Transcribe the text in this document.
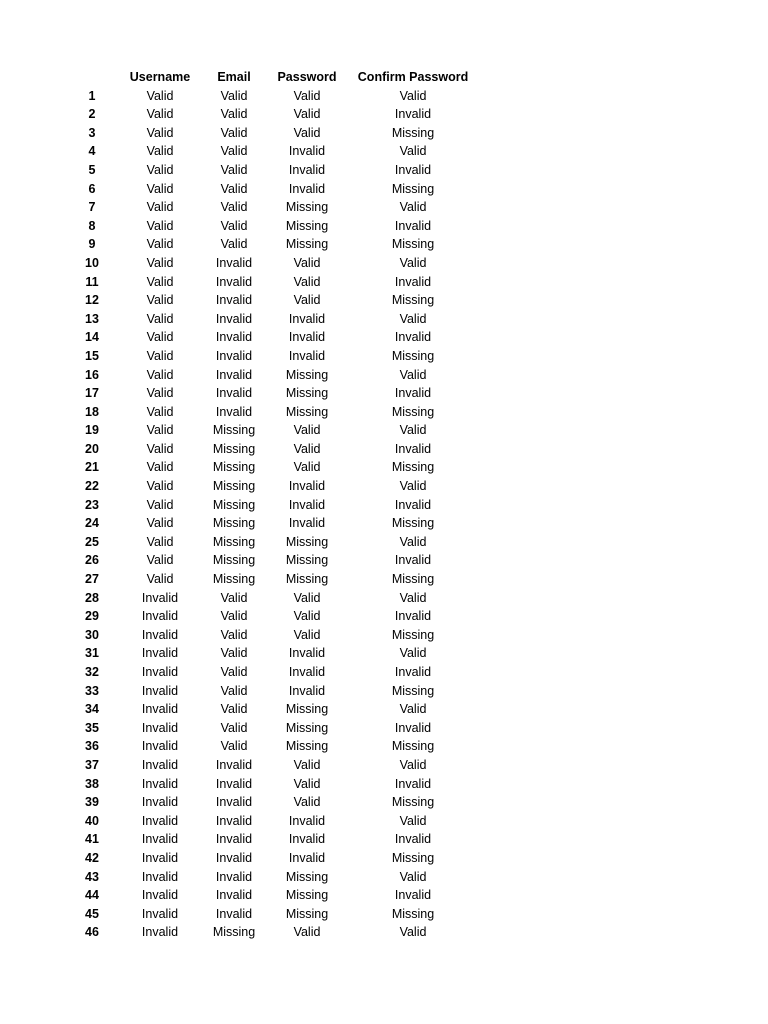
	Username	Email	Password	Confirm Password
1	Valid	Valid	Valid	Valid
2	Valid	Valid	Valid	Invalid
3	Valid	Valid	Valid	Missing
4	Valid	Valid	Invalid	Valid
5	Valid	Valid	Invalid	Invalid
6	Valid	Valid	Invalid	Missing
7	Valid	Valid	Missing	Valid
8	Valid	Valid	Missing	Invalid
9	Valid	Valid	Missing	Missing
10	Valid	Invalid	Valid	Valid
11	Valid	Invalid	Valid	Invalid
12	Valid	Invalid	Valid	Missing
13	Valid	Invalid	Invalid	Valid
14	Valid	Invalid	Invalid	Invalid
15	Valid	Invalid	Invalid	Missing
16	Valid	Invalid	Missing	Valid
17	Valid	Invalid	Missing	Invalid
18	Valid	Invalid	Missing	Missing
19	Valid	Missing	Valid	Valid
20	Valid	Missing	Valid	Invalid
21	Valid	Missing	Valid	Missing
22	Valid	Missing	Invalid	Valid
23	Valid	Missing	Invalid	Invalid
24	Valid	Missing	Invalid	Missing
25	Valid	Missing	Missing	Valid
26	Valid	Missing	Missing	Invalid
27	Valid	Missing	Missing	Missing
28	Invalid	Valid	Valid	Valid
29	Invalid	Valid	Valid	Invalid
30	Invalid	Valid	Valid	Missing
31	Invalid	Valid	Invalid	Valid
32	Invalid	Valid	Invalid	Invalid
33	Invalid	Valid	Invalid	Missing
34	Invalid	Valid	Missing	Valid
35	Invalid	Valid	Missing	Invalid
36	Invalid	Valid	Missing	Missing
37	Invalid	Invalid	Valid	Valid
38	Invalid	Invalid	Valid	Invalid
39	Invalid	Invalid	Valid	Missing
40	Invalid	Invalid	Invalid	Valid
41	Invalid	Invalid	Invalid	Invalid
42	Invalid	Invalid	Invalid	Missing
43	Invalid	Invalid	Missing	Valid
44	Invalid	Invalid	Missing	Invalid
45	Invalid	Invalid	Missing	Missing
46	Invalid	Missing	Valid	Valid
